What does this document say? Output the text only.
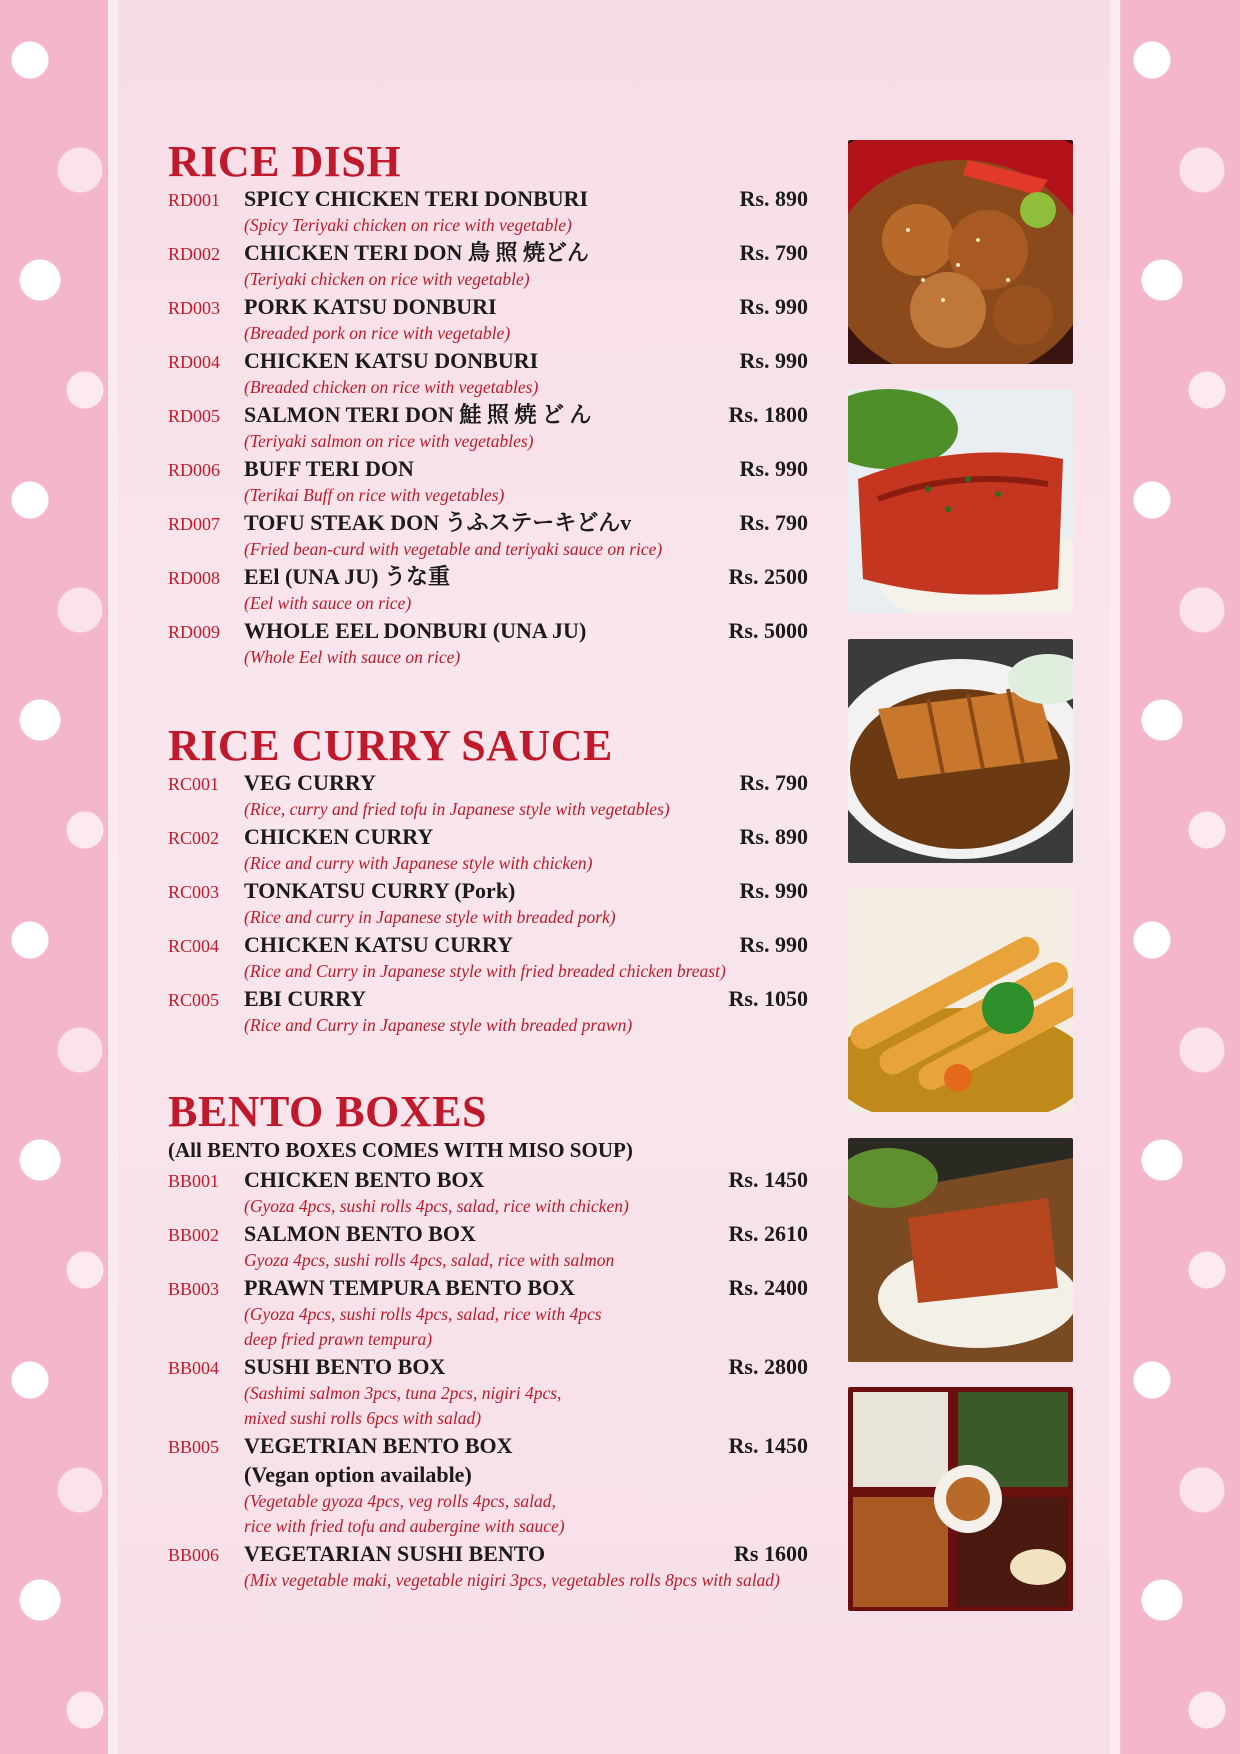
RICE DISH
RD001	SPICY CHICKEN TERI DONBURI	Rs. 890
(Spicy Teriyaki chicken on rice with vegetable)
RD002	CHICKEN TERI DON 鳥 照 焼どん	Rs. 790
(Teriyaki chicken on rice with vegetable)
RD003	PORK KATSU DONBURI	Rs. 990
(Breaded pork on rice with vegetable)
RD004	CHICKEN KATSU DONBURI	Rs. 990
(Breaded chicken on rice with vegetables)
RD005	SALMON TERI DON 鮭 照 焼 ど ん	Rs. 1800
(Teriyaki salmon on rice with vegetables)
RD006	BUFF TERI DON	Rs. 990
(Terikai Buff on rice with vegetables)
RD007	TOFU STEAK DON うふステーキどんv	Rs. 790
(Fried bean-curd with vegetable and teriyaki sauce on rice)
RD008	EEl (UNA JU) うな重	Rs. 2500
(Eel with sauce on rice)
RD009	WHOLE EEL DONBURI (UNA JU)	Rs. 5000
(Whole Eel with sauce on rice)
RICE CURRY SAUCE
RC001	VEG CURRY	Rs. 790
(Rice, curry and fried tofu in Japanese style with vegetables)
RC002	CHICKEN CURRY	Rs. 890
(Rice and curry with Japanese style with chicken)
RC003	TONKATSU CURRY (Pork)	Rs. 990
(Rice and curry in Japanese style with breaded pork)
RC004	CHICKEN KATSU CURRY	Rs. 990
(Rice and Curry in Japanese style with fried breaded chicken breast)
RC005	EBI CURRY	Rs. 1050
(Rice and Curry in Japanese style with breaded prawn)
BENTO BOXES
(All BENTO BOXES COMES WITH MISO SOUP)
BB001	CHICKEN BENTO BOX	Rs. 1450
(Gyoza 4pcs, sushi rolls 4pcs, salad, rice with chicken)
BB002	SALMON BENTO BOX	Rs. 2610
Gyoza 4pcs, sushi rolls 4pcs, salad, rice with salmon
BB003	PRAWN TEMPURA BENTO BOX	Rs. 2400
(Gyoza 4pcs, sushi rolls 4pcs, salad, rice with 4pcs
deep fried prawn tempura)
BB004	SUSHI BENTO BOX	Rs. 2800
(Sashimi salmon 3pcs, tuna 2pcs, nigiri 4pcs,
mixed sushi rolls 6pcs with salad)
BB005	VEGETRIAN BENTO BOX	Rs. 1450
(Vegan option available)
(Vegetable gyoza 4pcs, veg rolls 4pcs, salad,
rice with fried tofu and aubergine with sauce)
BB006	VEGETARIAN SUSHI BENTO	Rs 1600
(Mix vegetable maki, vegetable nigiri 3pcs, vegetables rolls 8pcs with salad)
